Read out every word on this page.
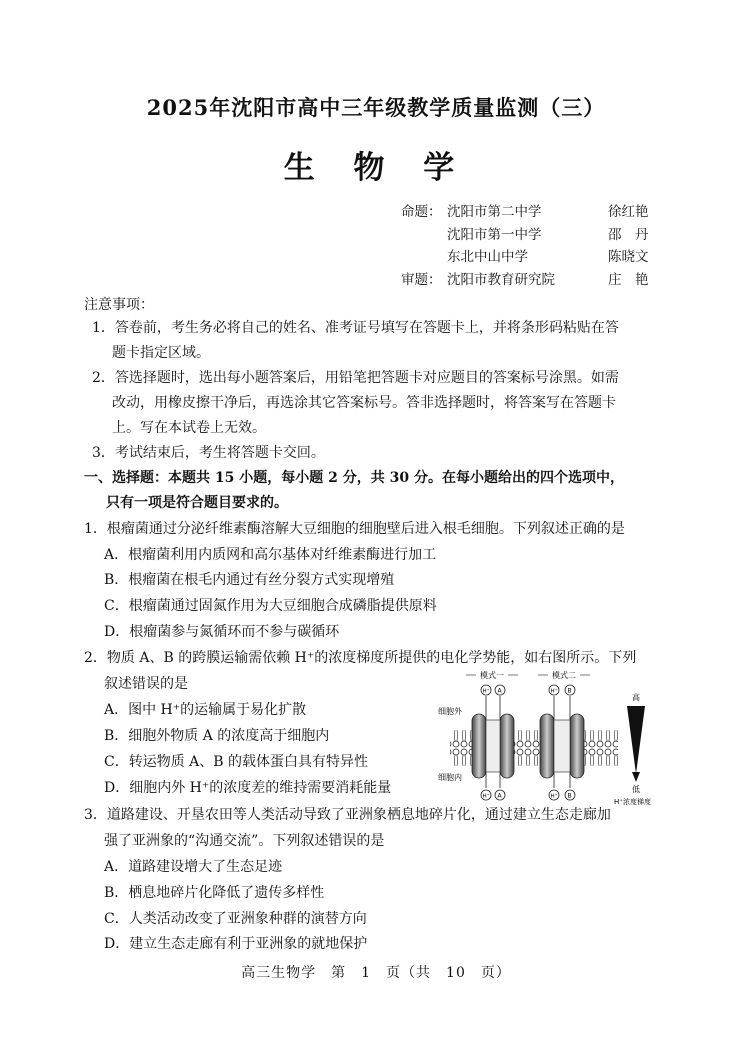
2025年沈阳市高中三年级教学质量监测（三）
生 物 学
命题： 沈阳市第二中学	徐红艳
沈阳市第一中学	邵　丹
东北中山中学	陈晓文
审题： 沈阳市教育研究院	庄　艳
注意事项：
1．答卷前，考生务必将自己的姓名、准考证号填写在答题卡上，并将条形码粘贴在答
题卡指定区域。
2．答选择题时，选出每小题答案后，用铅笔把答题卡对应题目的答案标号涂黑。如需
改动，用橡皮擦干净后，再选涂其它答案标号。答非选择题时，将答案写在答题卡
上。写在本试卷上无效。
3．考试结束后，考生将答题卡交回。
一、选择题：本题共 15 小题，每小题 2 分，共 30 分。在每小题给出的四个选项中，
只有一项是符合题目要求的。
1．根瘤菌通过分泌纤维素酶溶解大豆细胞的细胞壁后进入根毛细胞。下列叙述正确的是
A．根瘤菌利用内质网和高尔基体对纤维素酶进行加工
B．根瘤菌在根毛内通过有丝分裂方式实现增殖
C．根瘤菌通过固氮作用为大豆细胞合成磷脂提供原料
D．根瘤菌参与氮循环而不参与碳循环
2．物质 A、B 的跨膜运输需依赖 H⁺的浓度梯度所提供的电化学势能，如右图所示。下列
叙述错误的是
A．图中 H⁺的运输属于易化扩散
B．细胞外物质 A 的浓度高于细胞内
C．转运物质 A、B 的载体蛋白具有特异性
D．细胞内外 H⁺的浓度差的维持需要消耗能量
模式一	模式二
H⁺ A	H⁺ B
细胞外
细胞内
H⁺ A	H⁺ B
高
低
H⁺浓度梯度
3．道路建设、开垦农田等人类活动导致了亚洲象栖息地碎片化，通过建立生态走廊加
强了亚洲象的“沟通交流”。下列叙述错误的是
A．道路建设增大了生态足迹
B．栖息地碎片化降低了遗传多样性
C．人类活动改变了亚洲象种群的演替方向
D．建立生态走廊有利于亚洲象的就地保护
高三生物学　第　1　页（共　10　页）
